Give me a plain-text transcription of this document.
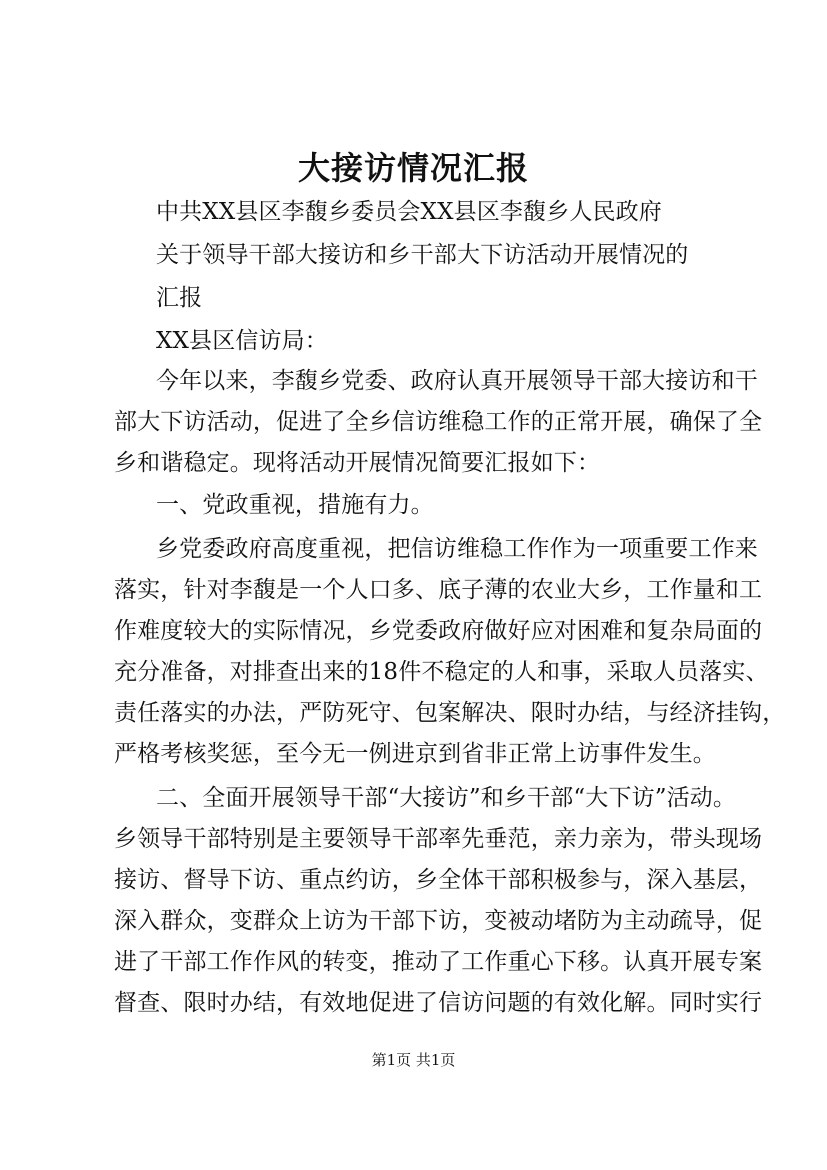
大接访情况汇报

中共XX县区李馥乡委员会XX县区李馥乡人民政府

关于领导干部大接访和乡干部大下访活动开展情况的

汇报

XX县区信访局：

今年以来，李馥乡党委、政府认真开展领导干部大接访和干

部大下访活动，促进了全乡信访维稳工作的正常开展，确保了全

乡和谐稳定。现将活动开展情况简要汇报如下：

一、党政重视，措施有力。

乡党委政府高度重视，把信访维稳工作作为一项重要工作来

落实，针对李馥是一个人口多、底子薄的农业大乡，工作量和工

作难度较大的实际情况，乡党委政府做好应对困难和复杂局面的

充分准备，对排查出来的18件不稳定的人和事，采取人员落实、

责任落实的办法，严防死守、包案解决、限时办结，与经济挂钩，

严格考核奖惩，至今无一例进京到省非正常上访事件发生。

二、全面开展领导干部“大接访”和乡干部“大下访”活动。

乡领导干部特别是主要领导干部率先垂范，亲力亲为，带头现场

接访、督导下访、重点约访，乡全体干部积极参与，深入基层，

深入群众，变群众上访为干部下访，变被动堵防为主动疏导，促

进了干部工作作风的转变，推动了工作重心下移。认真开展专案

督查、限时办结，有效地促进了信访问题的有效化解。同时实行

第1页 共1页
